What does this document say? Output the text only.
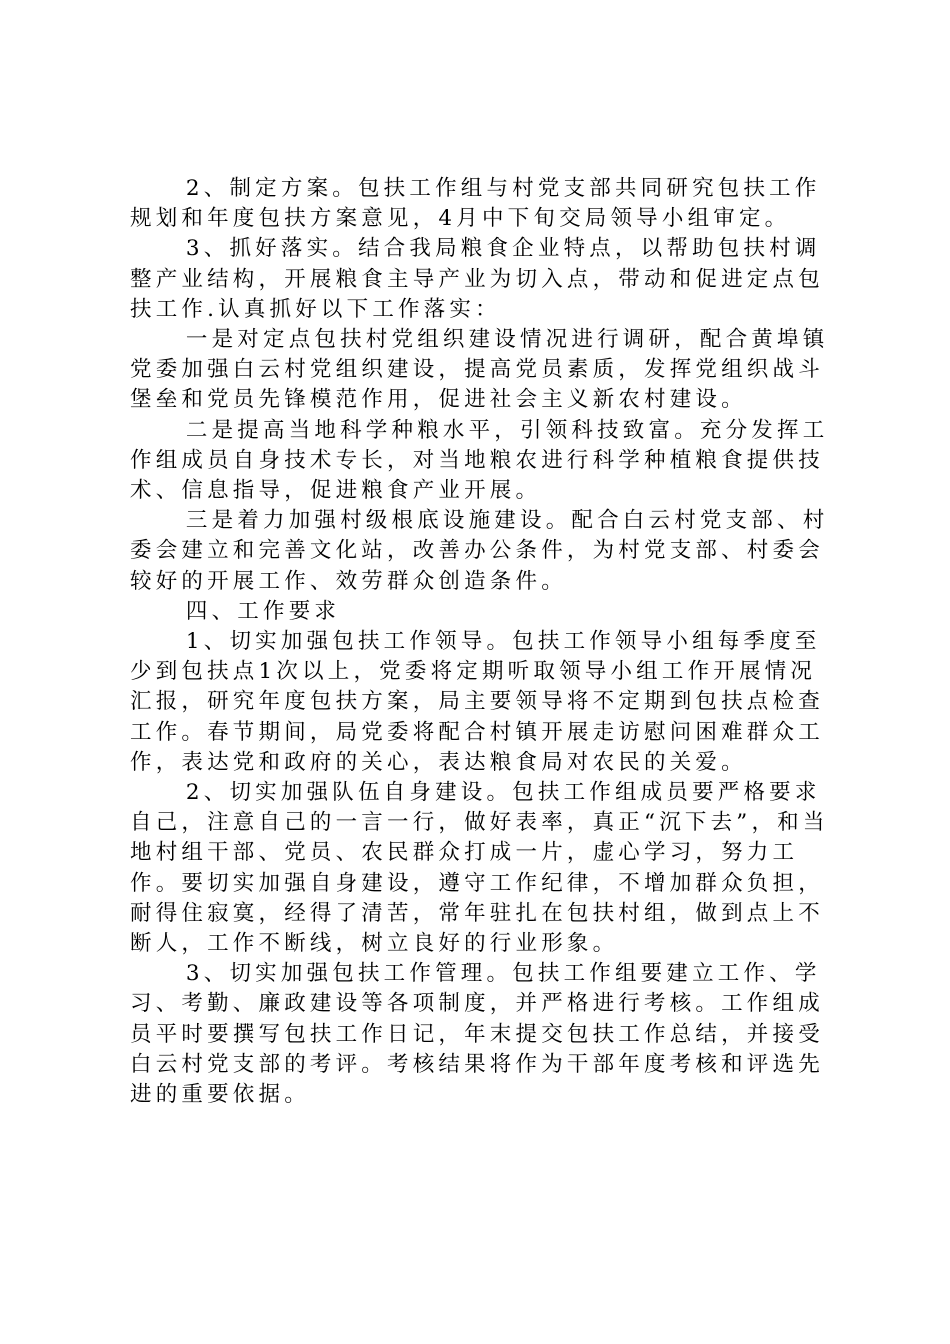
2、制定方案。包扶工作组与村党支部共同研究包扶工作规划和年度包扶方案意见，4月中下旬交局领导小组审定。

3、抓好落实。结合我局粮食企业特点，以帮助包扶村调整产业结构，开展粮食主导产业为切入点，带动和促进定点包扶工作.认真抓好以下工作落实：

一是对定点包扶村党组织建设情况进行调研，配合黄埠镇党委加强白云村党组织建设，提高党员素质，发挥党组织战斗堡垒和党员先锋模范作用，促进社会主义新农村建设。

二是提高当地科学种粮水平，引领科技致富。充分发挥工作组成员自身技术专长，对当地粮农进行科学种植粮食提供技术、信息指导，促进粮食产业开展。

三是着力加强村级根底设施建设。配合白云村党支部、村委会建立和完善文化站，改善办公条件，为村党支部、村委会较好的开展工作、效劳群众创造条件。

四、工作要求

1、切实加强包扶工作领导。包扶工作领导小组每季度至少到包扶点1次以上，党委将定期听取领导小组工作开展情况汇报，研究年度包扶方案，局主要领导将不定期到包扶点检查工作。春节期间，局党委将配合村镇开展走访慰问困难群众工作，表达党和政府的关心，表达粮食局对农民的关爱。

2、切实加强队伍自身建设。包扶工作组成员要严格要求自己，注意自己的一言一行，做好表率，真正“沉下去”，和当地村组干部、党员、农民群众打成一片，虚心学习，努力工作。要切实加强自身建设，遵守工作纪律，不增加群众负担，耐得住寂寞，经得了清苦，常年驻扎在包扶村组，做到点上不断人，工作不断线，树立良好的行业形象。

3、切实加强包扶工作管理。包扶工作组要建立工作、学习、考勤、廉政建设等各项制度，并严格进行考核。工作组成员平时要撰写包扶工作日记，年末提交包扶工作总结，并接受白云村党支部的考评。考核结果将作为干部年度考核和评选先进的重要依据。
